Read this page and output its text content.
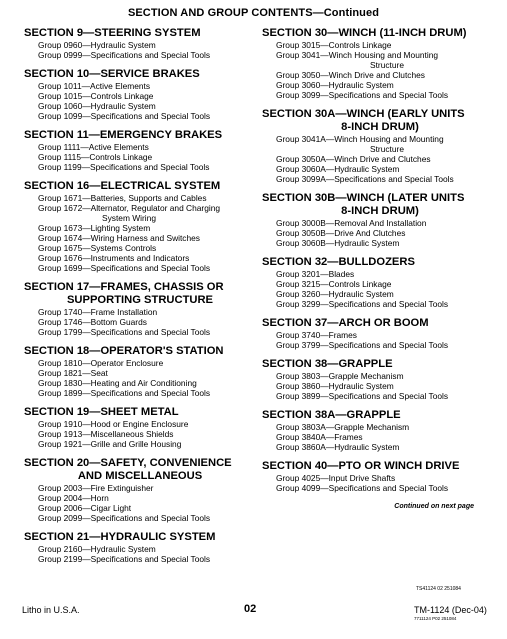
SECTION AND GROUP CONTENTS—Continued
SECTION 9—STEERING SYSTEM
Group 0960—Hydraulic System
Group 0999—Specifications and Special Tools
SECTION 10—SERVICE BRAKES
Group 1011—Active Elements
Group 1015—Controls Linkage
Group 1060—Hydraulic System
Group 1099—Specifications and Special Tools
SECTION 11—EMERGENCY BRAKES
Group 1111—Active Elements
Group 1115—Controls Linkage
Group 1199—Specifications and Special Tools
SECTION 16—ELECTRICAL SYSTEM
Group 1671—Batteries, Supports and Cables
Group 1672—Alternator, Regulator and Charging
System Wiring
Group 1673—Lighting System
Group 1674—Wiring Harness and Switches
Group 1675—Systems Controls
Group 1676—Instruments and Indicators
Group 1699—Specifications and Special Tools
SECTION 17—FRAMES, CHASSIS OR
SUPPORTING STRUCTURE
Group 1740—Frame Installation
Group 1746—Bottom Guards
Group 1799—Specifications and Special Tools
SECTION 18—OPERATOR'S STATION
Group 1810—Operator Enclosure
Group 1821—Seat
Group 1830—Heating and Air Conditioning
Group 1899—Specifications and Special Tools
SECTION 19—SHEET METAL
Group 1910—Hood or Engine Enclosure
Group 1913—Miscellaneous Shields
Group 1921—Grille and Grille Housing
SECTION 20—SAFETY, CONVENIENCE
AND MISCELLANEOUS
Group 2003—Fire Extinguisher
Group 2004—Horn
Group 2006—Cigar Light
Group 2099—Specifications and Special Tools
SECTION 21—HYDRAULIC SYSTEM
Group 2160—Hydraulic System
Group 2199—Specifications and Special Tools
SECTION 30—WINCH (11-INCH DRUM)
Group 3015—Controls Linkage
Group 3041—Winch Housing and Mounting
Structure
Group 3050—Winch Drive and Clutches
Group 3060—Hydraulic System
Group 3099—Specifications and Special Tools
SECTION 30A—WINCH (EARLY UNITS
8-INCH DRUM)
Group 3041A—Winch Housing and Mounting
Structure
Group 3050A—Winch Drive and Clutches
Group 3060A—Hydraulic System
Group 3099A—Specifications and Special Tools
SECTION 30B—WINCH (LATER UNITS
8-INCH DRUM)
Group 3000B—Removal And Installation
Group 3050B—Drive And Clutches
Group 3060B—Hydraulic System
SECTION 32—BULLDOZERS
Group 3201—Blades
Group 3215—Controls Linkage
Group 3260—Hydraulic System
Group 3299—Specifications and Special Tools
SECTION 37—ARCH OR BOOM
Group 3740—Frames
Group 3799—Specifications and Special Tools
SECTION 38—GRAPPLE
Group 3803—Grapple Mechanism
Group 3860—Hydraulic System
Group 3899—Specifications and Special Tools
SECTION 38A—GRAPPLE
Group 3803A—Grapple Mechanism
Group 3840A—Frames
Group 3860A—Hydraulic System
SECTION 40—PTO OR WINCH DRIVE
Group 4025—Input Drive Shafts
Group 4099—Specifications and Special Tools
Continued on next page
TS41124 02 251084
Litho in U.S.A.	02	TM-1124 (Dec-04)
7711124 P02 251084
